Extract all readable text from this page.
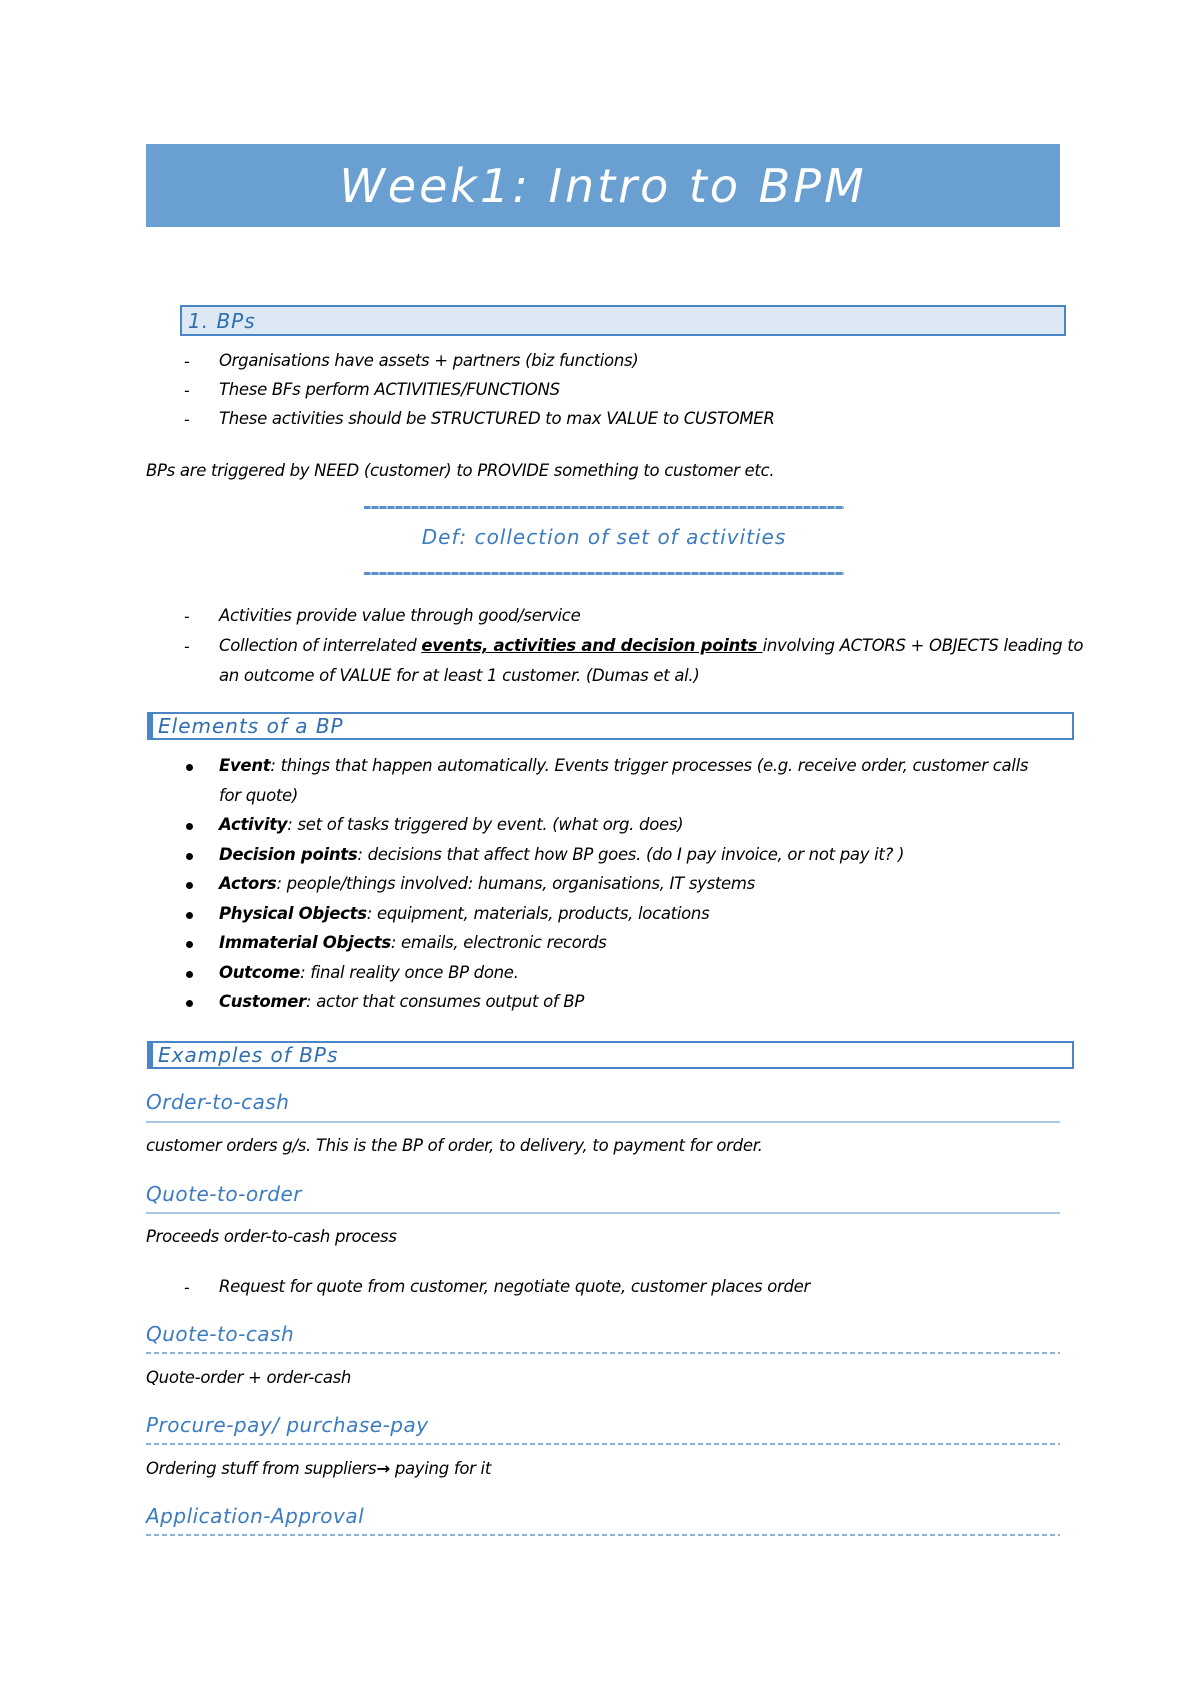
Week1: Intro to BPM
1. BPs
- Organisations have assets + partners (biz functions)
- These BFs perform ACTIVITIES/FUNCTIONS
- These activities should be STRUCTURED to max VALUE to CUSTOMER
BPs are triggered by NEED (customer) to PROVIDE something to customer etc.
Def: collection of set of activities
- Activities provide value through good/service
- Collection of interrelated events, activities and decision points involving ACTORS + OBJECTS leading to
an outcome of VALUE for at least 1 customer. (Dumas et al.)
Elements of a BP
Event: things that happen automatically. Events trigger processes (e.g. receive order, customer calls
for quote)
Activity: set of tasks triggered by event. (what org. does)
Decision points: decisions that affect how BP goes. (do I pay invoice, or not pay it? )
Actors: people/things involved: humans, organisations, IT systems
Physical Objects: equipment, materials, products, locations
Immaterial Objects: emails, electronic records
Outcome: final reality once BP done.
Customer: actor that consumes output of BP
Examples of BPs
Order-to-cash
customer orders g/s. This is the BP of order, to delivery, to payment for order.
Quote-to-order
Proceeds order-to-cash process
- Request for quote from customer, negotiate quote, customer places order
Quote-to-cash
Quote-order + order-cash
Procure-pay/ purchase-pay
Ordering stuff from suppliers→ paying for it
Application-Approval
